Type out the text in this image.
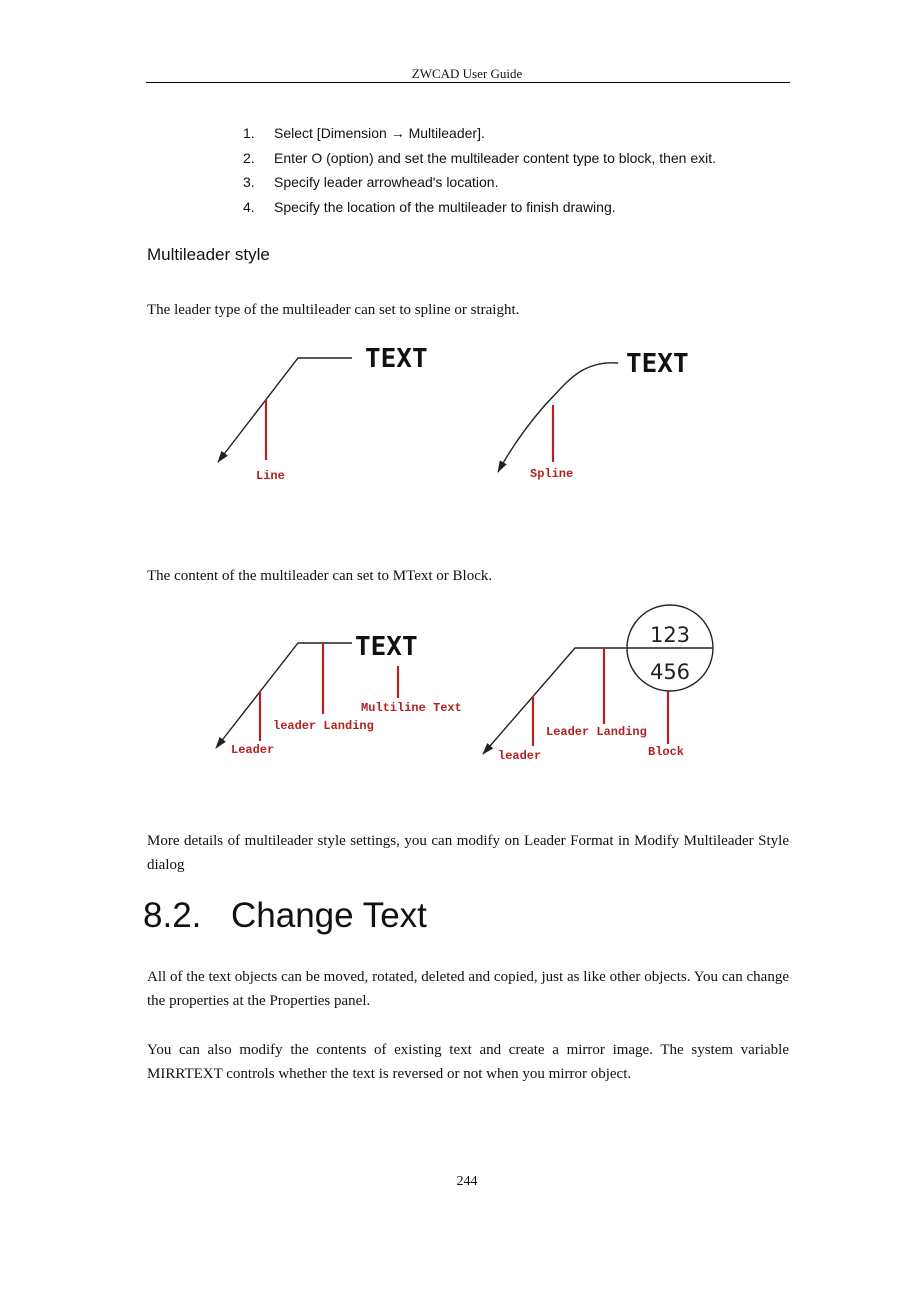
ZWCAD User Guide
1. Select [Dimension → Multileader].
2. Enter O (option) and set the multileader content type to block, then exit.
3. Specify leader arrowhead's location.
4. Specify the location of the multileader to finish drawing.
Multileader style

The leader type of the multileader can set to spline or straight.

TEXT
Line
TEXT
Spline

The content of the multileader can set to MText or Block.

TEXT
Multiline Text
leader Landing
Leader
123
456
Leader Landing
leader	Block

More details of multileader style settings, you can modify on Leader Format in Modify Multileader Style dialog

8.2. Change Text

All of the text objects can be moved, rotated, deleted and copied, just as like other objects. You can change the properties at the Properties panel.

You can also modify the contents of existing text and create a mirror image. The system variable MIRRTEXT controls whether the text is reversed or not when you mirror object.

244
